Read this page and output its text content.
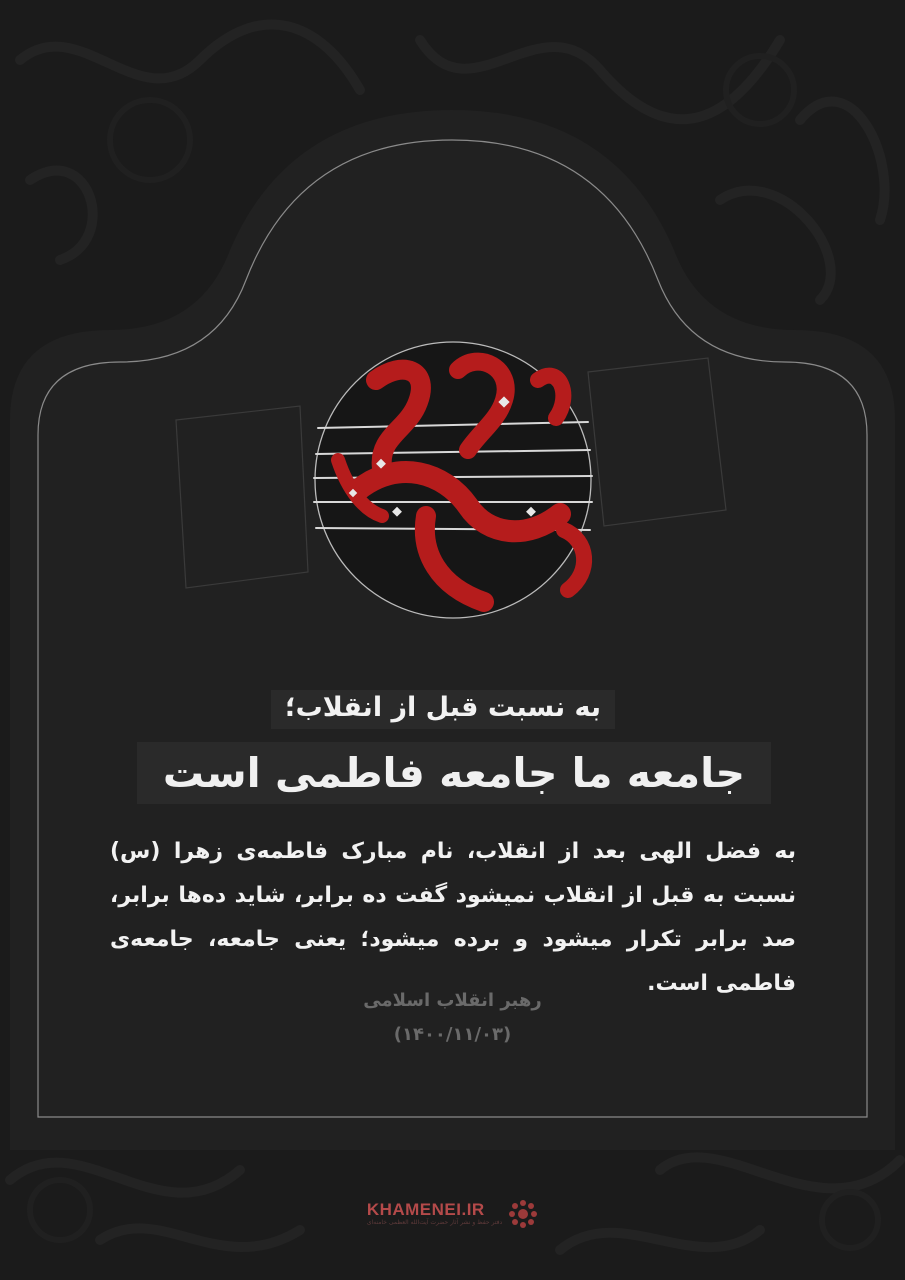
به نسبت قبل از انقلاب؛
جامعه ما جامعه فاطمی است
به فضل الهی بعد از انقلاب، نام مبارک فاطمه‌ی زهرا (س) نسبت به قبل از انقلاب نمیشود گفت ده برابر، شاید ده‌ها برابر، صد برابر تکرار میشود و برده میشود؛ یعنی جامعه، جامعه‌ی فاطمی است.
رهبر انقلاب اسلامی
(۱۴۰۰/۱۱/۰۳)
KHAMENEI.IR
دفتر حفظ و نشر آثار حضرت آیت‌الله العظمی خامنه‌ای
